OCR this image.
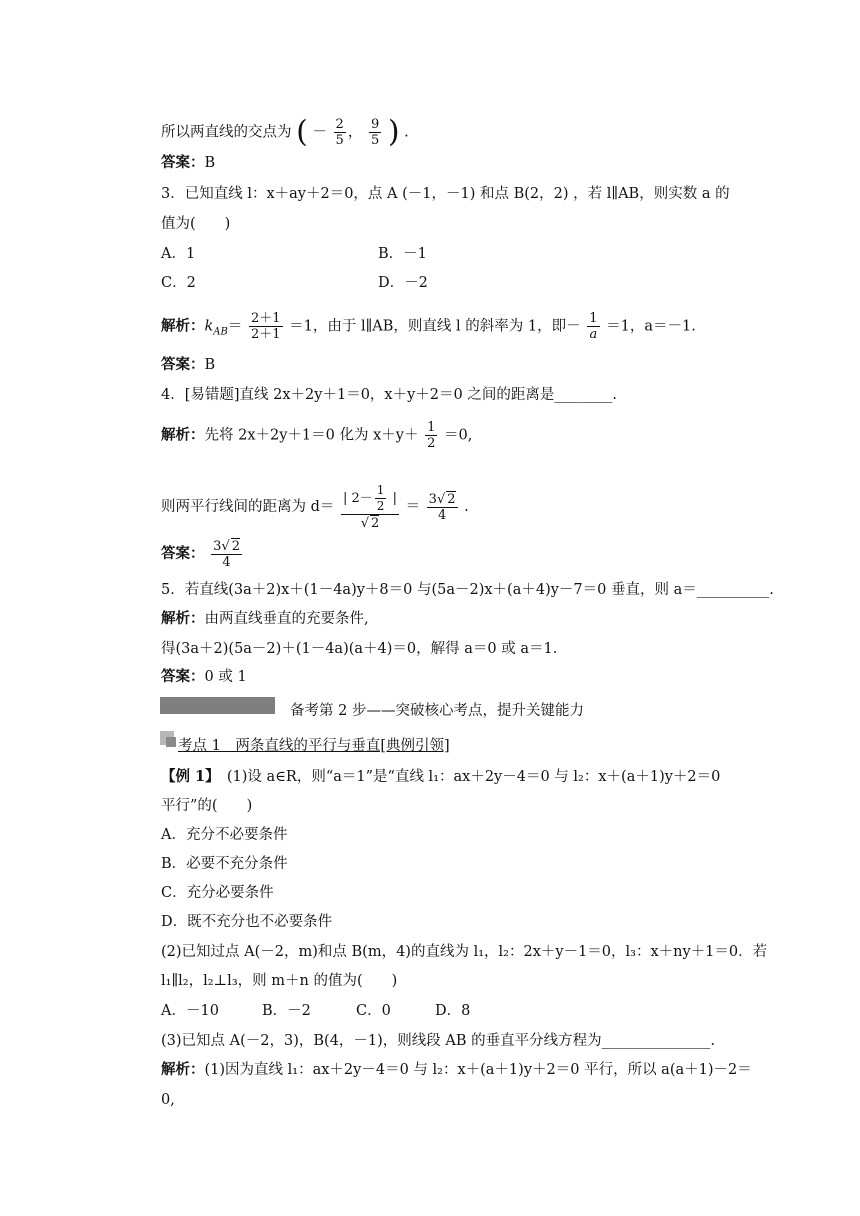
所以两直线的交点为 ( － $\frac{2}{5}$ ， $\frac{9}{5}$ ) .
答案：B
3．已知直线 l：x＋ay＋2＝0，点 A (－1，－1) 和点 B(2，2) ，若 l∥AB，则实数 a 的
值为(　　)
A．1	B．－1
C．2	D．－2
解析：$k_{AB}= \frac{2+1}{2+1} =1$，由于 l∥AB，则直线 l 的斜率为 1，即－ $\frac{1}{a} =1$，a＝－1.
答案：B
4．[易错题]直线 2x＋2y＋1＝0，x＋y＋2＝0 之间的距离是________.
解析：先将 2x＋2y＋1＝0 化为 $x+y+ \frac{1}{2} =0$,
则两平行线间的距离为 $d= \frac{| 2- \frac{1}{2} |}{√ 2} = \frac{3√ 2}{4}$ .
答案： $\frac{3√ 2}{4}$
5．若直线(3a＋2)x＋(1－4a)y＋8＝0 与(5a－2)x＋(a＋4)y－7＝0 垂直，则 a＝__________.
解析：由两直线垂直的充要条件,
得(3a＋2)(5a－2)＋(1－4a)(a＋4)＝0，解得 a＝0 或 a＝1.
答案：0 或 1
备考第 2 步——突破核心考点，提升关键能力
考点 1　两条直线的平行与垂直[典例引领]
【例 1】　(1)设 a∈R，则“a＝1”是“直线 l₁：ax＋2y－4＝0 与 l₂：x＋(a＋1)y＋2＝0
平行”的(　　)
A．充分不必要条件
B．必要不充分条件
C．充分必要条件
D．既不充分也不必要条件
(2)已知过点 A(－2，m)和点 B(m，4)的直线为 l₁，l₂：2x＋y－1＝0，l₃：x＋ny＋1＝0．若
l₁∥l₂，l₂⊥l₃，则 m＋n 的值为(　　)
A．－10	B．－2	C．0	D．8
(3)已知点 A(－2，3)，B(4，－1)，则线段 AB 的垂直平分线方程为_______________.
解析：(1)因为直线 l₁：ax＋2y－4＝0 与 l₂：x＋(a＋1)y＋2＝0 平行，所以 a(a＋1)－2＝
0,
